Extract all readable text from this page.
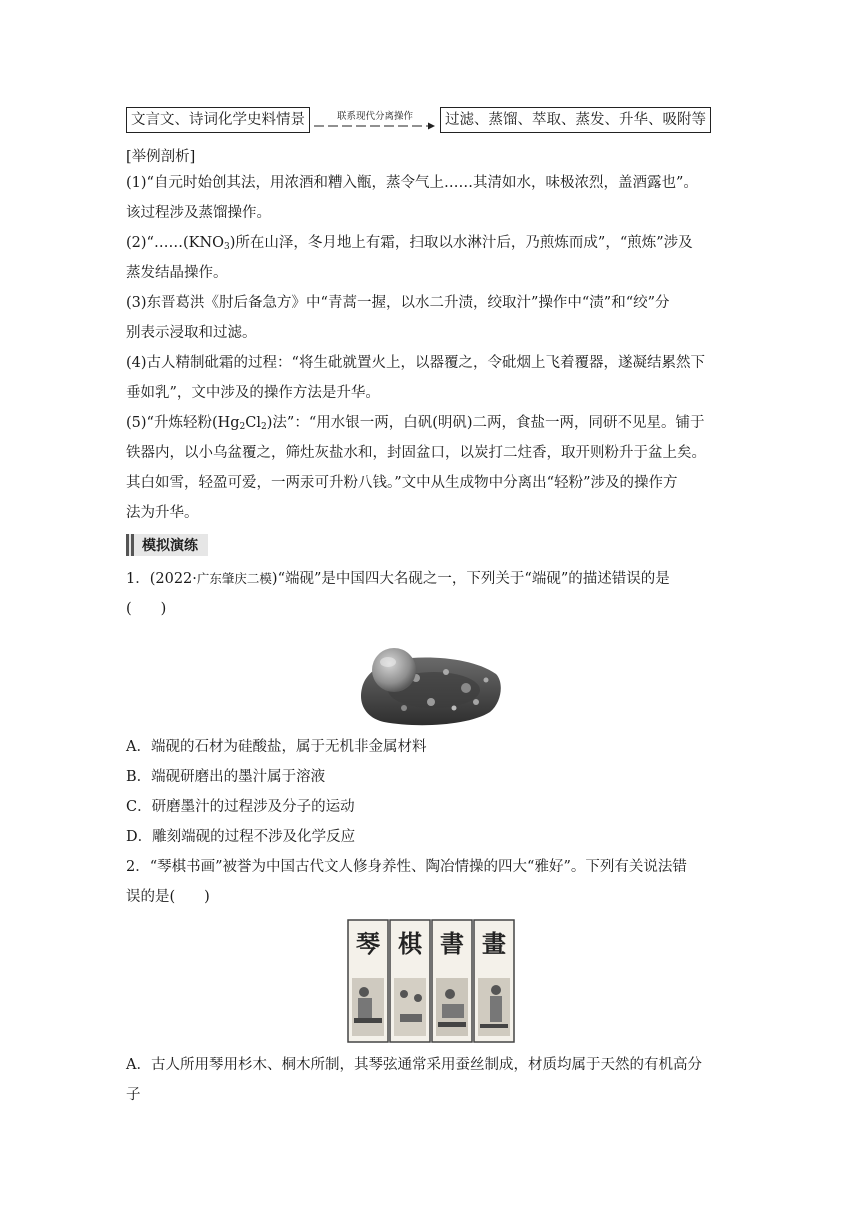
文言文、诗词化学史料情景	联系现代分离操作	过滤、蒸馏、萃取、蒸发、升华、吸附等
[举例剖析]

(1)“自元时始创其法，用浓酒和糟入甑，蒸令气上……其清如水，味极浓烈，盖酒露也”。
该过程涉及蒸馏操作。

$(2)“\dots\dots(KNO_3)$所在山泽，冬月地上有霜，扫取以水淋汁后，乃煎炼而成”，“煎炼”涉及
蒸发结晶操作。

(3)东晋葛洪《肘后备急方》中“青蒿一握，以水二升渍，绞取汁”操作中“渍”和“绞”分
别表示浸取和过滤。

(4)古人精制砒霜的过程：“将生砒就置火上，以器覆之，令砒烟上飞着覆器，遂凝结累然下
垂如乳”，文中涉及的操作方法是升华。

(5)“升炼轻粉$(Hg_2Cl_2)$法”：“用水银一两，白矾(明矾)二两，食盐一两，同研不见星。铺于
铁器内，以小乌盆覆之，筛灶灰盐水和，封固盆口，以炭打二炷香，取开则粉升于盆上矣。
其白如雪，轻盈可爱，一两汞可升粉八钱。”文中从生成物中分离出“轻粉”涉及的操作方
法为升华。

模拟演练

1．(2022·广东肇庆二模)“端砚”是中国四大名砚之一，下列关于“端砚”的描述错误的是
(　　)

A．端砚的石材为硅酸盐，属于无机非金属材料

B．端砚研磨出的墨汁属于溶液

C．研磨墨汁的过程涉及分子的运动

D．雕刻端砚的过程不涉及化学反应

2．“琴棋书画”被誉为中国古代文人修身养性、陶冶情操的四大“雅好”。下列有关说法错
误的是(　　)

琴 棋 書 畫

A．古人所用琴用杉木、桐木所制，其琴弦通常采用蚕丝制成，材质均属于天然的有机高分
子
